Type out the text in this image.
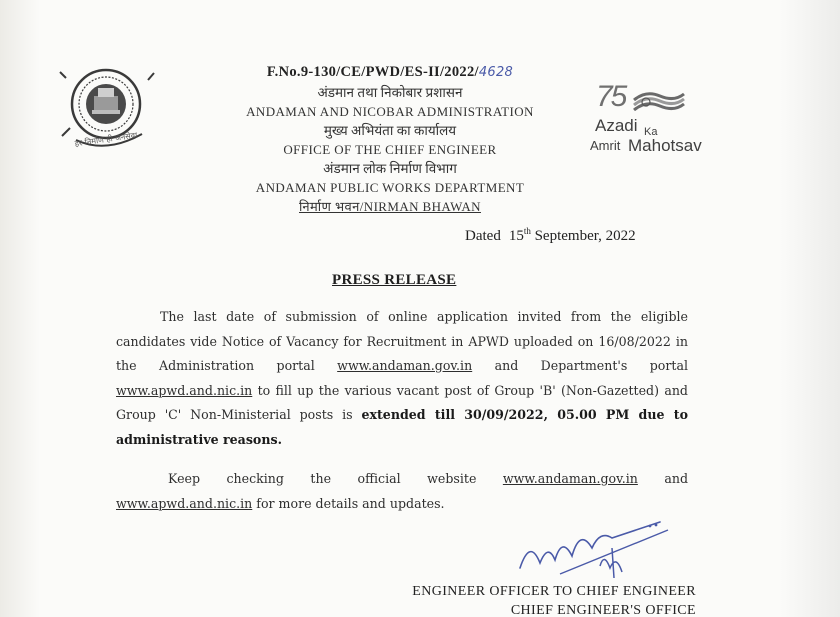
हर निर्माण ही जनसेवा
F.No.9-130/CE/PWD/ES-II/2022/4628
अंडमान तथा निकोबार प्रशासन
ANDAMAN AND NICOBAR ADMINISTRATION
मुख्य अभियंता का कार्यालय
OFFICE OF THE CHIEF ENGINEER
अंडमान लोक निर्माण विभाग
ANDAMAN PUBLIC WORKS DEPARTMENT
निर्माण भवन/NIRMAN BHAWAN
75
Azadi Ka
Amrit Mahotsav
Dated 15th September, 2022
PRESS RELEASE
The last date of submission of online application invited from the eligible candidates vide Notice of Vacancy for Recruitment in APWD uploaded on 16/08/2022 in the Administration portal www.andaman.gov.in and Department's portal www.apwd.and.nic.in to fill up the various vacant post of Group 'B' (Non-Gazetted) and Group 'C' Non-Ministerial posts is extended till 30/09/2022, 05.00 PM due to administrative reasons.
Keep checking the official website www.andaman.gov.in and www.apwd.and.nic.in for more details and updates.
ENGINEER OFFICER TO CHIEF ENGINEER
CHIEF ENGINEER'S OFFICE
